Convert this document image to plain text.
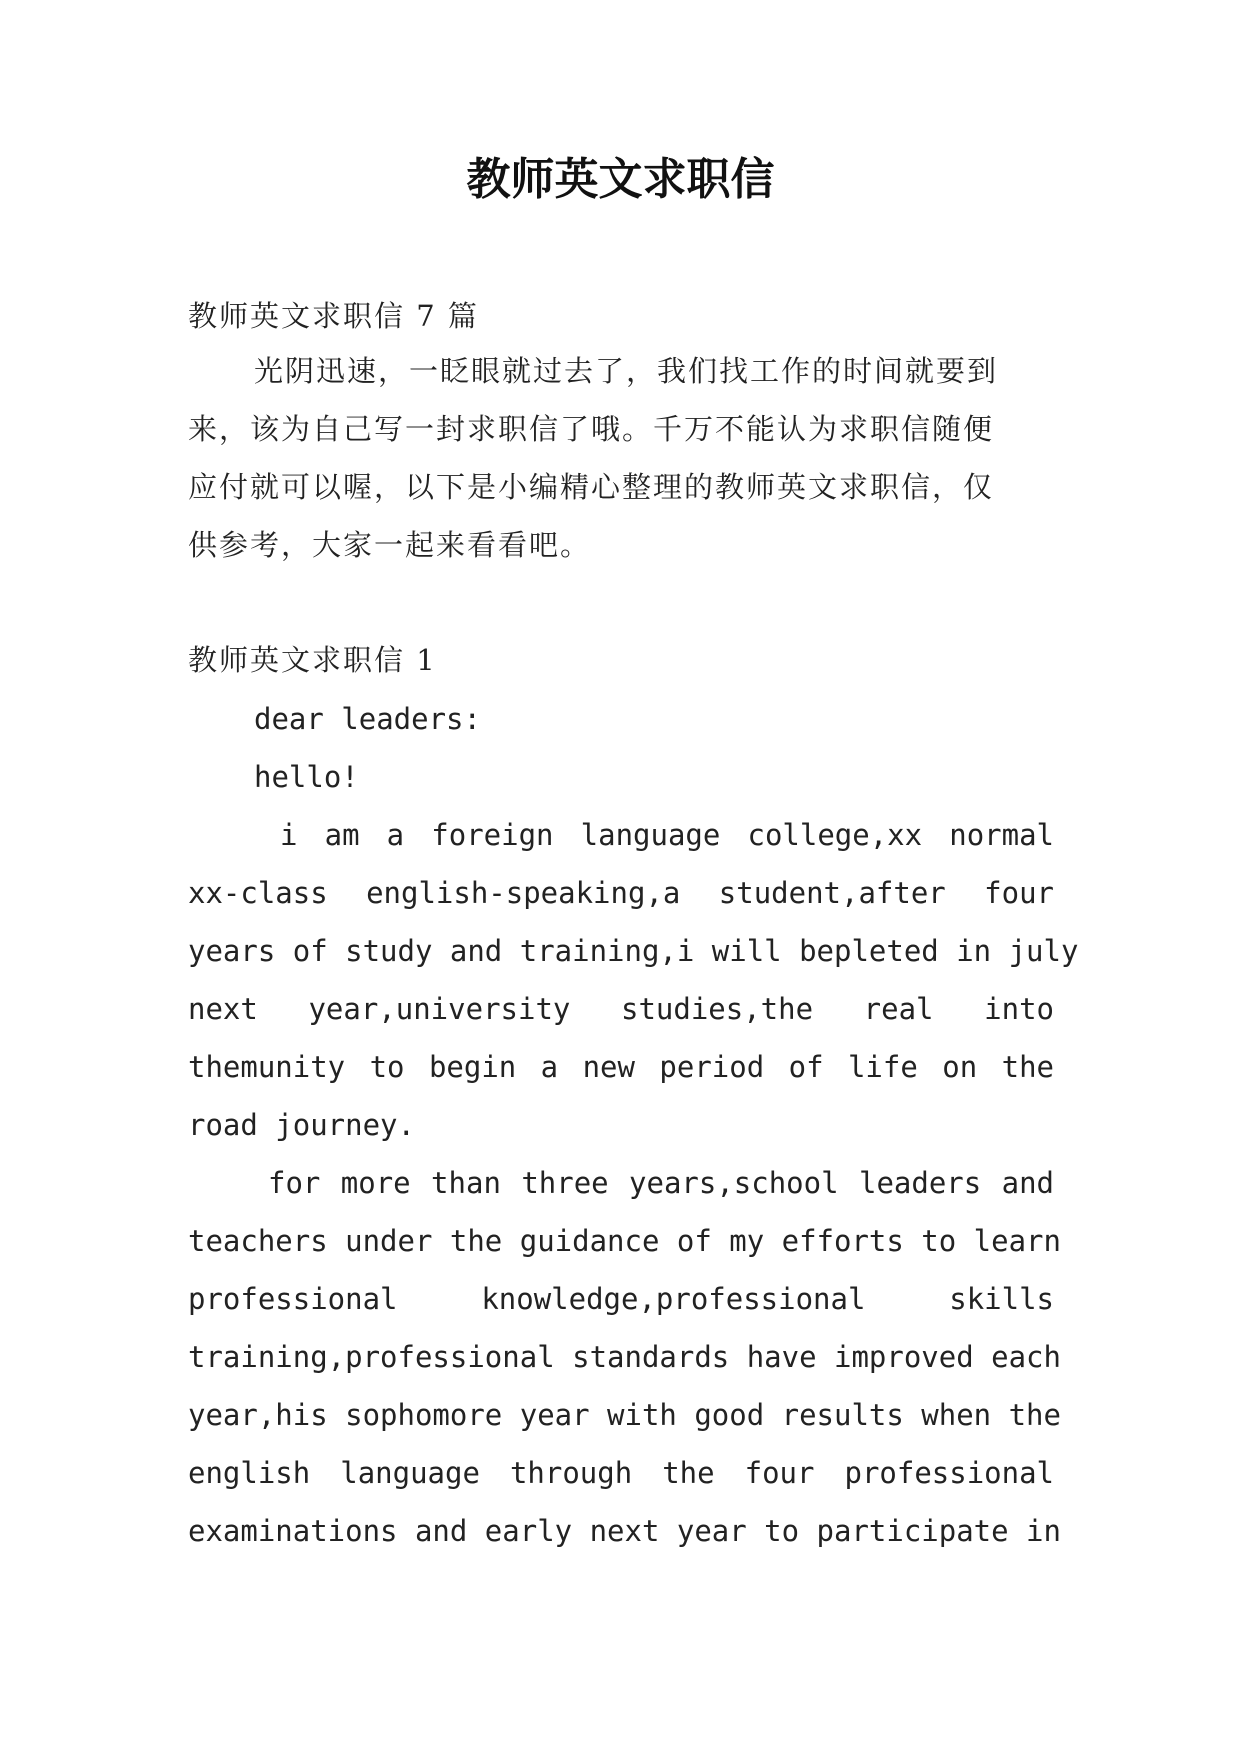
教师英文求职信

教师英文求职信 7 篇

光阴迅速，一眨眼就过去了，我们找工作的时间就要到

来，该为自己写一封求职信了哦。千万不能认为求职信随便

应付就可以喔，以下是小编精心整理的教师英文求职信，仅

供参考，大家一起来看看吧。

教师英文求职信 1

dear leaders:

hello!

i am a foreign language college,xx normal

xx-class english-speaking,a student,after four

years of study and training,i will bepleted in july

next year,university studies,the real into

themunity to begin a new period of life on the

road journey.

for more than three years,school leaders and

teachers under the guidance of my efforts to learn

professional knowledge,professional skills

training,professional standards have improved each

year,his sophomore year with good results when the

english language through the four professional

examinations and early next year to participate in
